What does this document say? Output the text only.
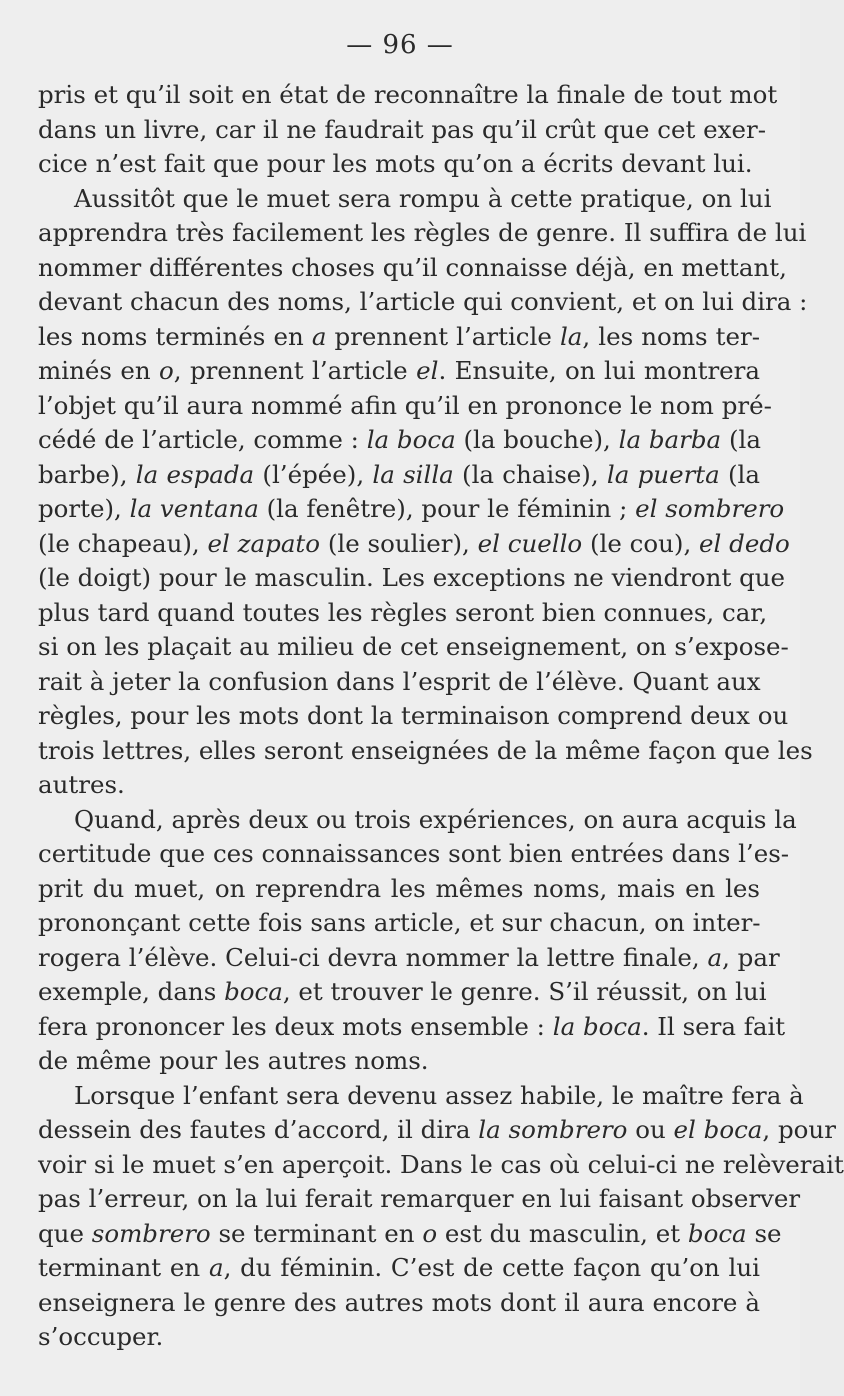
— 96 —
pris et qu’il soit en état de reconnaître la finale de tout mot
dans un livre, car il ne faudrait pas qu’il crût que cet exer-
cice n’est fait que pour les mots qu’on a écrits devant lui.
Aussitôt que le muet sera rompu à cette pratique, on lui
apprendra très facilement les règles de genre. Il suffira de lui
nommer différentes choses qu’il connaisse déjà, en mettant,
devant chacun des noms, l’article qui convient, et on lui dira :
les noms terminés en a prennent l’article la, les noms ter-
minés en o, prennent l’article el. Ensuite, on lui montrera
l’objet qu’il aura nommé afin qu’il en prononce le nom pré-
cédé de l’article, comme : la boca (la bouche), la barba (la
barbe), la espada (l’épée), la silla (la chaise), la puerta (la
porte), la ventana (la fenêtre), pour le féminin ; el sombrero
(le chapeau), el zapato (le soulier), el cuello (le cou), el dedo
(le doigt) pour le masculin. Les exceptions ne viendront que
plus tard quand toutes les règles seront bien connues, car,
si on les plaçait au milieu de cet enseignement, on s’expose-
rait à jeter la confusion dans l’esprit de l’élève. Quant aux
règles, pour les mots dont la terminaison comprend deux ou
trois lettres, elles seront enseignées de la même façon que les
autres.
Quand, après deux ou trois expériences, on aura acquis la
certitude que ces connaissances sont bien entrées dans l’es-
prit du muet, on reprendra les mêmes noms, mais en les
prononçant cette fois sans article, et sur chacun, on inter-
rogera l’élève. Celui-ci devra nommer la lettre finale, a, par
exemple, dans boca, et trouver le genre. S’il réussit, on lui
fera prononcer les deux mots ensemble : la boca. Il sera fait
de même pour les autres noms.
Lorsque l’enfant sera devenu assez habile, le maître fera à
dessein des fautes d’accord, il dira la sombrero ou el boca, pour
voir si le muet s’en aperçoit. Dans le cas où celui-ci ne relèverait
pas l’erreur, on la lui ferait remarquer en lui faisant observer
que sombrero se terminant en o est du masculin, et boca se
terminant en a, du féminin. C’est de cette façon qu’on lui
enseignera le genre des autres mots dont il aura encore à
s’occuper.
